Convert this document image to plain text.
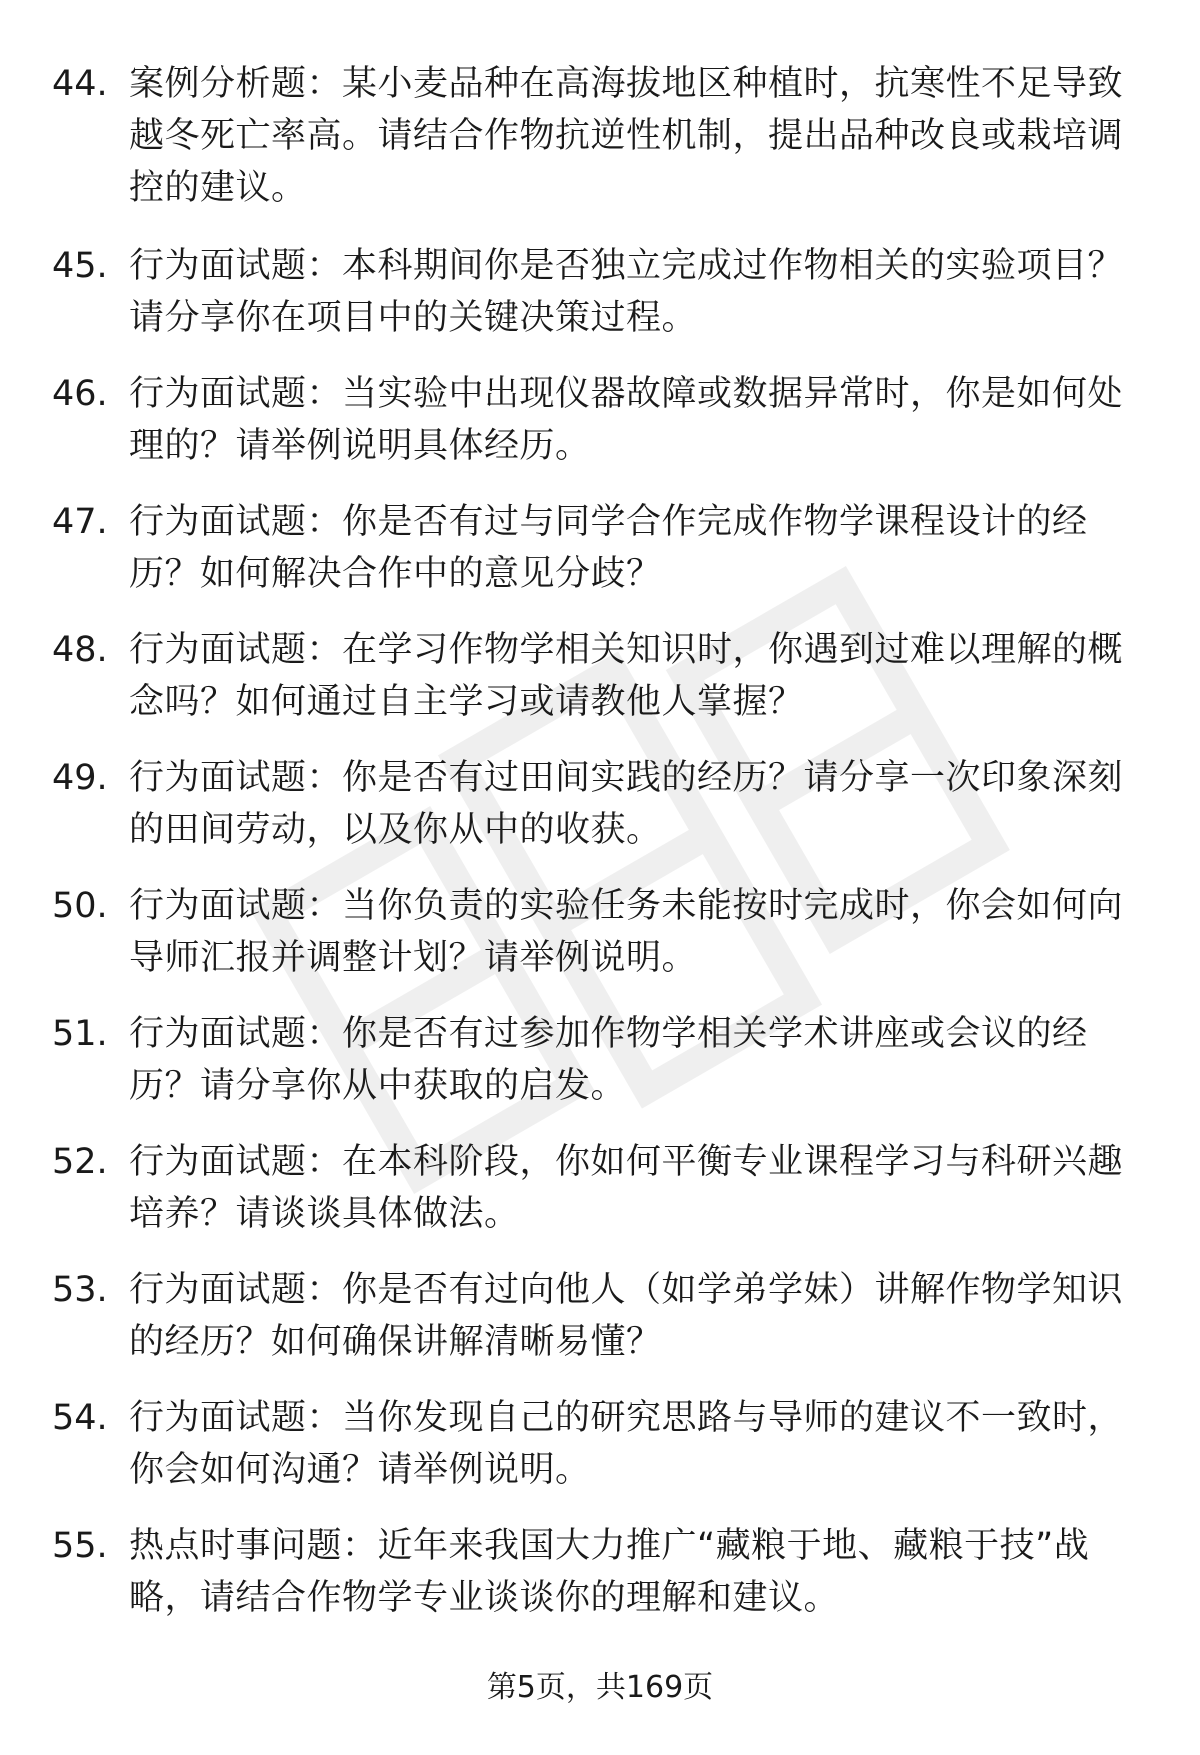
44. 案例分析题：某小麦品种在高海拔地区种植时，抗寒性不足导致越冬死亡率高。请结合作物抗逆性机制，提出品种改良或栽培调控的建议。
45. 行为面试题：本科期间你是否独立完成过作物相关的实验项目？请分享你在项目中的关键决策过程。
46. 行为面试题：当实验中出现仪器故障或数据异常时，你是如何处理的？请举例说明具体经历。
47. 行为面试题：你是否有过与同学合作完成作物学课程设计的经历？如何解决合作中的意见分歧？
48. 行为面试题：在学习作物学相关知识时，你遇到过难以理解的概念吗？如何通过自主学习或请教他人掌握？
49. 行为面试题：你是否有过田间实践的经历？请分享一次印象深刻的田间劳动，以及你从中的收获。
50. 行为面试题：当你负责的实验任务未能按时完成时，你会如何向导师汇报并调整计划？请举例说明。
51. 行为面试题：你是否有过参加作物学相关学术讲座或会议的经历？请分享你从中获取的启发。
52. 行为面试题：在本科阶段，你如何平衡专业课程学习与科研兴趣培养？请谈谈具体做法。
53. 行为面试题：你是否有过向他人（如学弟学妹）讲解作物学知识的经历？如何确保讲解清晰易懂？
54. 行为面试题：当你发现自己的研究思路与导师的建议不一致时，你会如何沟通？请举例说明。
55. 热点时事问题：近年来我国大力推广“藏粮于地、藏粮于技”战略，请结合作物学专业谈谈你的理解和建议。
第5页，共169页
